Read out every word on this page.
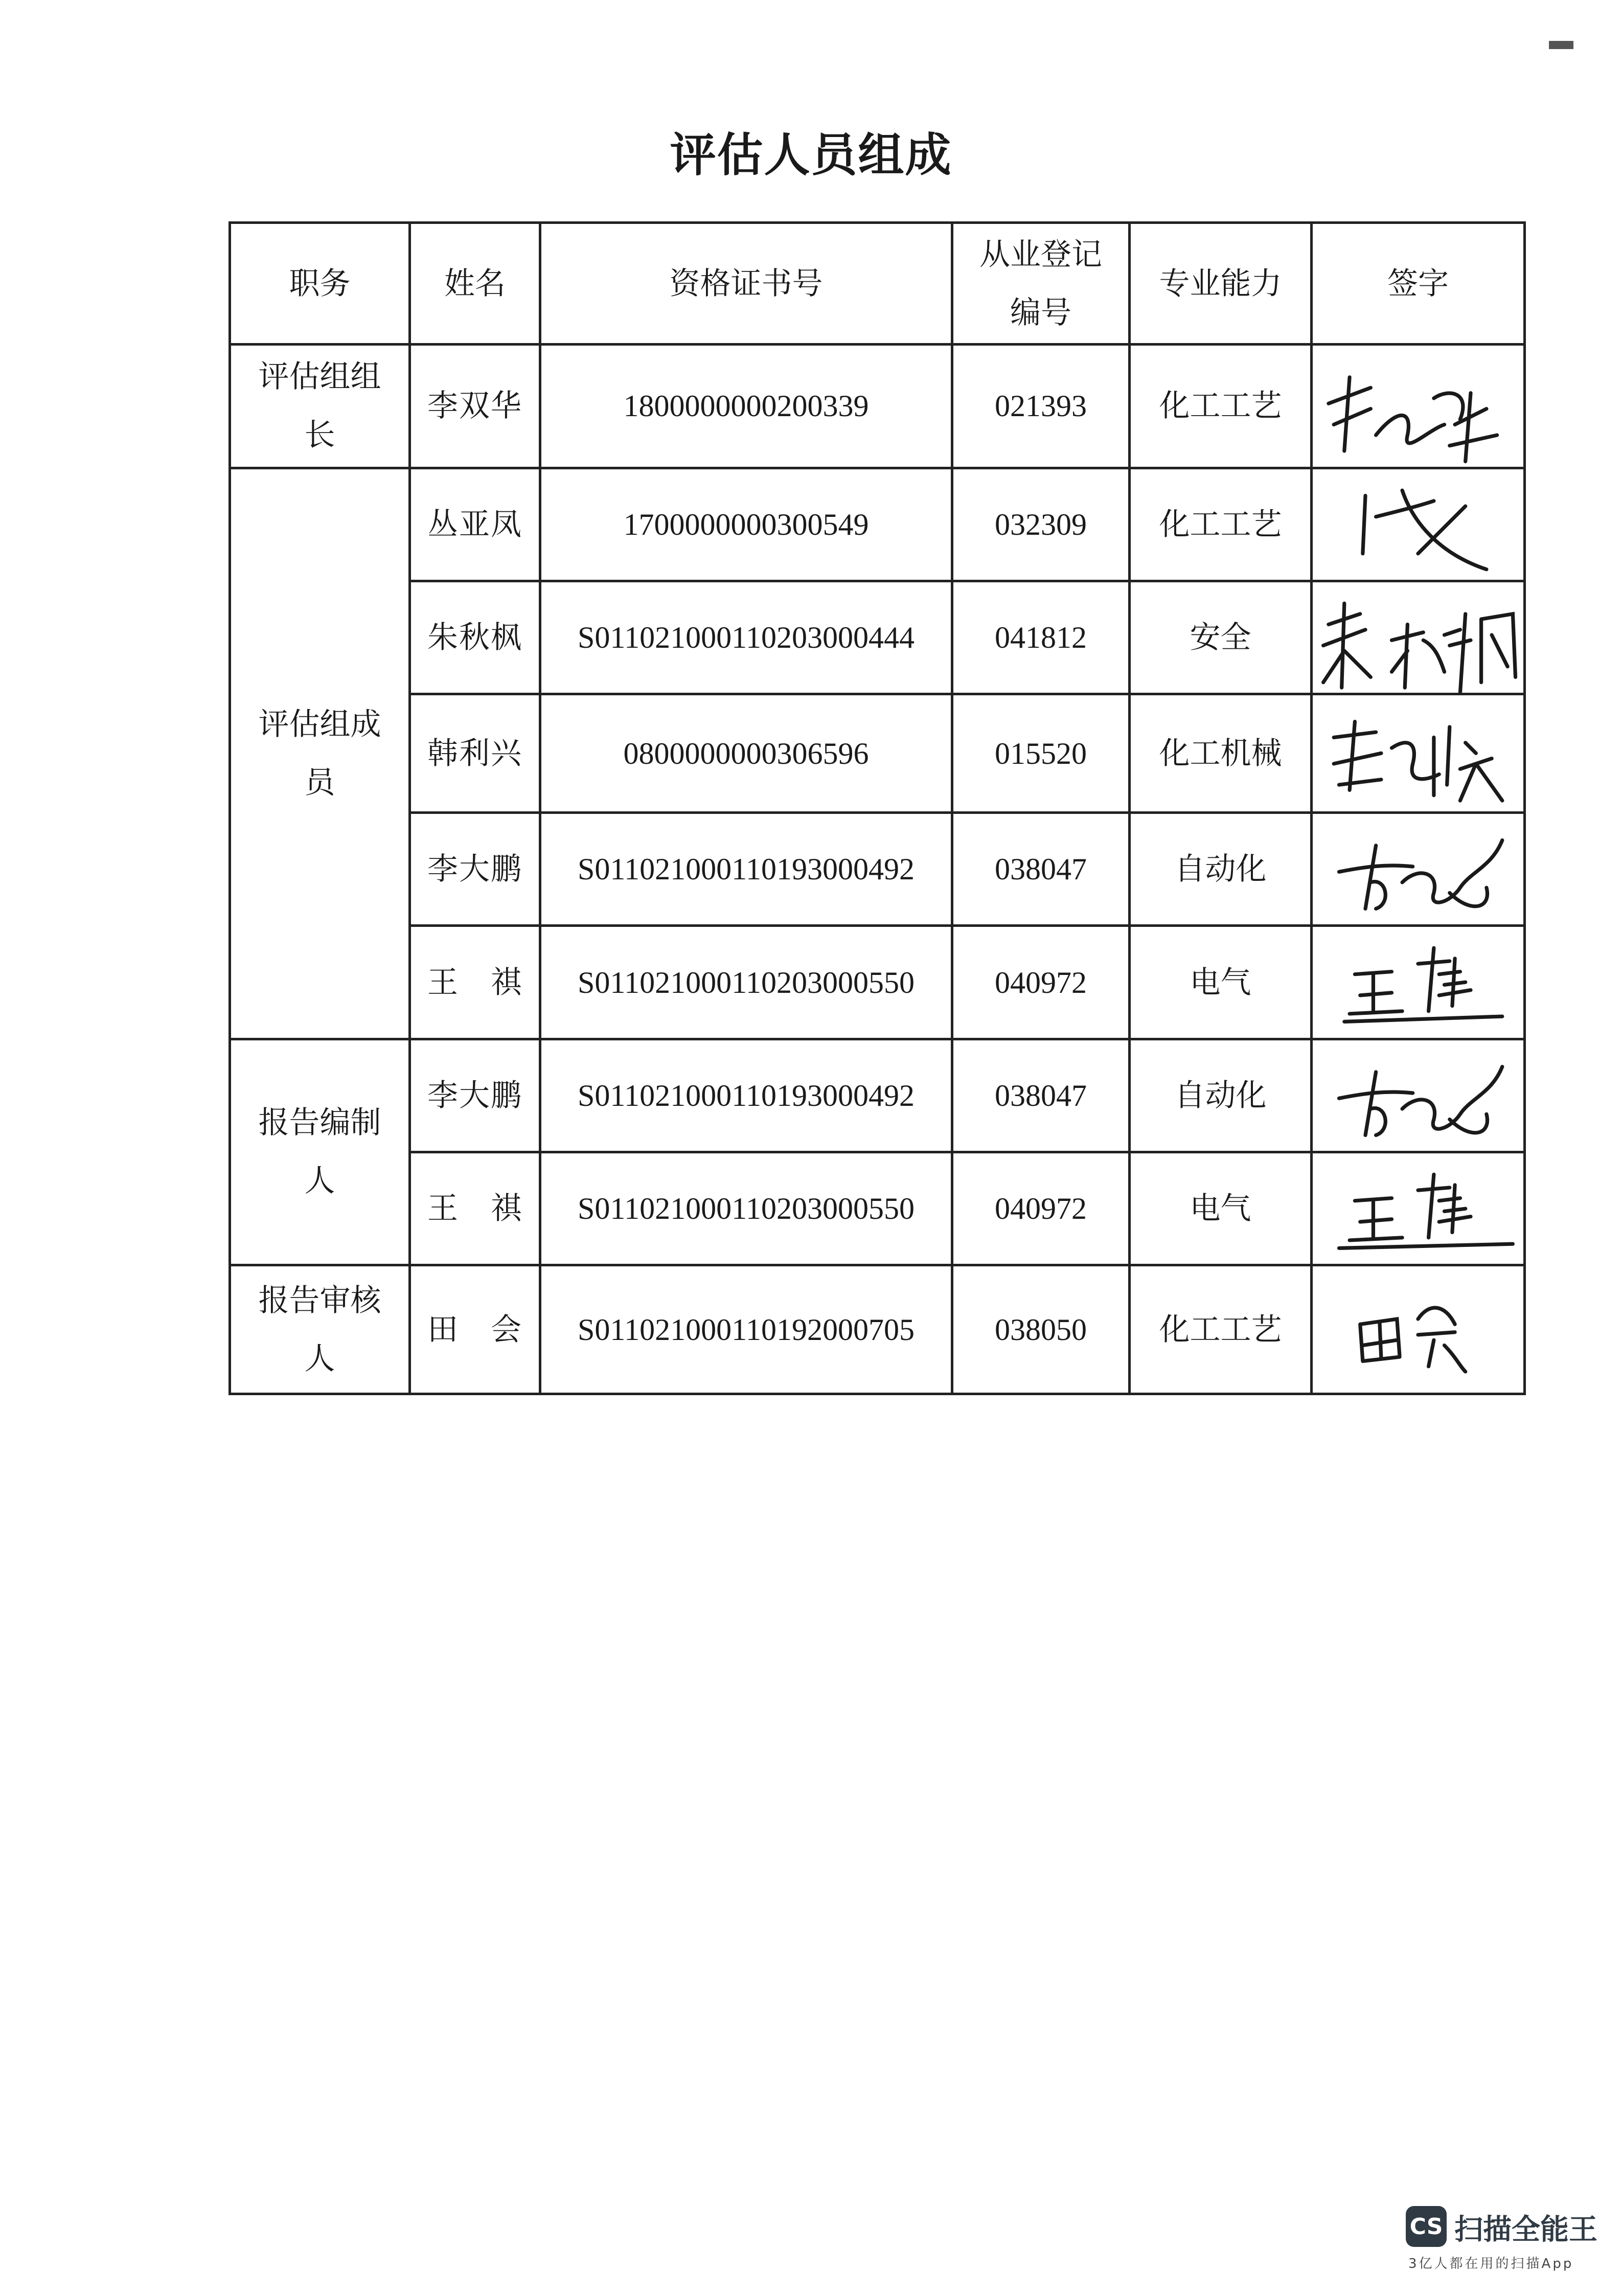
评估人员组成
职务	姓名	资格证书号	从业登记编号	专业能力	签字
评估组组长	李双华	1800000000200339	021393	化工工艺	

评估组成员	丛亚凤	1700000000300549	032309	化工工艺	

	朱秋枫	S011021000110203000444	041812	安全	

	韩利兴	0800000000306596	015520	化工机械	

	李大鹏	S011021000110193000492	038047	自动化	

	王　祺	S011021000110203000550	040972	电气	

报告编制人	李大鹏	S011021000110193000492	038047	自动化	

	王　祺	S011021000110203000550	040972	电气	

报告审核人	田　会	S011021000110192000705	038050	化工工艺	
CS 扫描全能王
3亿人都在用的扫描App
